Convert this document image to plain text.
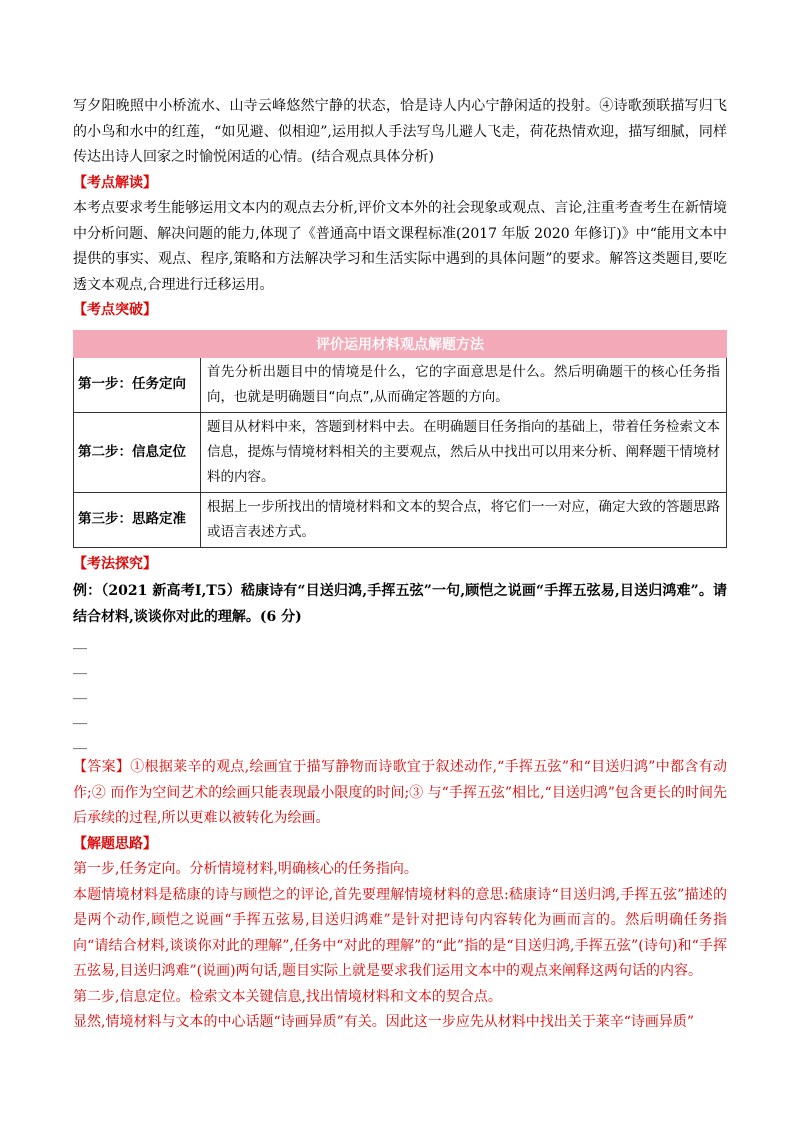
写夕阳晚照中小桥流水、山寺云峰悠然宁静的状态，恰是诗人内心宁静闲适的投射。④诗歌颈联描写归飞的小鸟和水中的红莲，“如见避、似相迎”,运用拟人手法写鸟儿避人飞走，荷花热情欢迎，描写细腻，同样传达出诗人回家之时愉悦闲适的心情。(结合观点具体分析)

【考点解读】

本考点要求考生能够运用文本内的观点去分析,评价文本外的社会现象或观点、言论,注重考查考生在新情境中分析问题、解决问题的能力,体现了《普通高中语文课程标准(2017 年版 2020 年修订)》中“能用文本中提供的事实、观点、程序,策略和方法解决学习和生活实际中遇到的具体问题”的要求。解答这类题目,要吃透文本观点,合理进行迁移运用。

【考点突破】

评价运用材料观点解题方法	
第一步：任务定向	首先分析出题目中的情境是什么，它的字面意思是什么。然后明确题干的核心任务指向，也就是明确题目“向点”,从而确定答题的方向。
第二步：信息定位	题目从材料中来，答题到材料中去。在明确题目任务指向的基础上，带着任务检索文本信息，提炼与情境材料相关的主要观点，然后从中找出可以用来分析、阐释题干情境材料的内容。
第三步：思路定准	根据上一步所找出的情境材料和文本的契合点，将它们一一对应，确定大致的答题思路或语言表述方式。

【考法探究】

例：（2021 新高考Ⅰ,T5）嵇康诗有“目送归鸿,手挥五弦”一句,顾恺之说画“手挥五弦易,目送归鸿难”。请结合材料,谈谈你对此的理解。(6 分)

__
__
__
__
__

【答案】①根据莱辛的观点,绘画宜于描写静物而诗歌宜于叙述动作,“手挥五弦”和“目送归鸿”中都含有动作;② 而作为空间艺术的绘画只能表现最小限度的时间;③ 与“手挥五弦”相比,“目送归鸿”包含更长的时间先后承续的过程,所以更难以被转化为绘画。

【解题思路】

第一步,任务定向。分析情境材料,明确核心的任务指向。

本题情境材料是嵇康的诗与顾恺之的评论,首先要理解情境材料的意思:嵇康诗“目送归鸿,手挥五弦”描述的是两个动作,顾恺之说画“手挥五弦易,目送归鸿难”是针对把诗句内容转化为画而言的。然后明确任务指向“请结合材料,谈谈你对此的理解”,任务中“对此的理解”的“此”指的是“目送归鸿,手挥五弦”(诗句)和“手挥五弦易,目送归鸿难”(说画)两句话,题目实际上就是要求我们运用文本中的观点来阐释这两句话的内容。

第二步,信息定位。检索文本关键信息,找出情境材料和文本的契合点。

显然,情境材料与文本的中心话题“诗画异质”有关。因此这一步应先从材料中找出关于莱辛“诗画异质”
